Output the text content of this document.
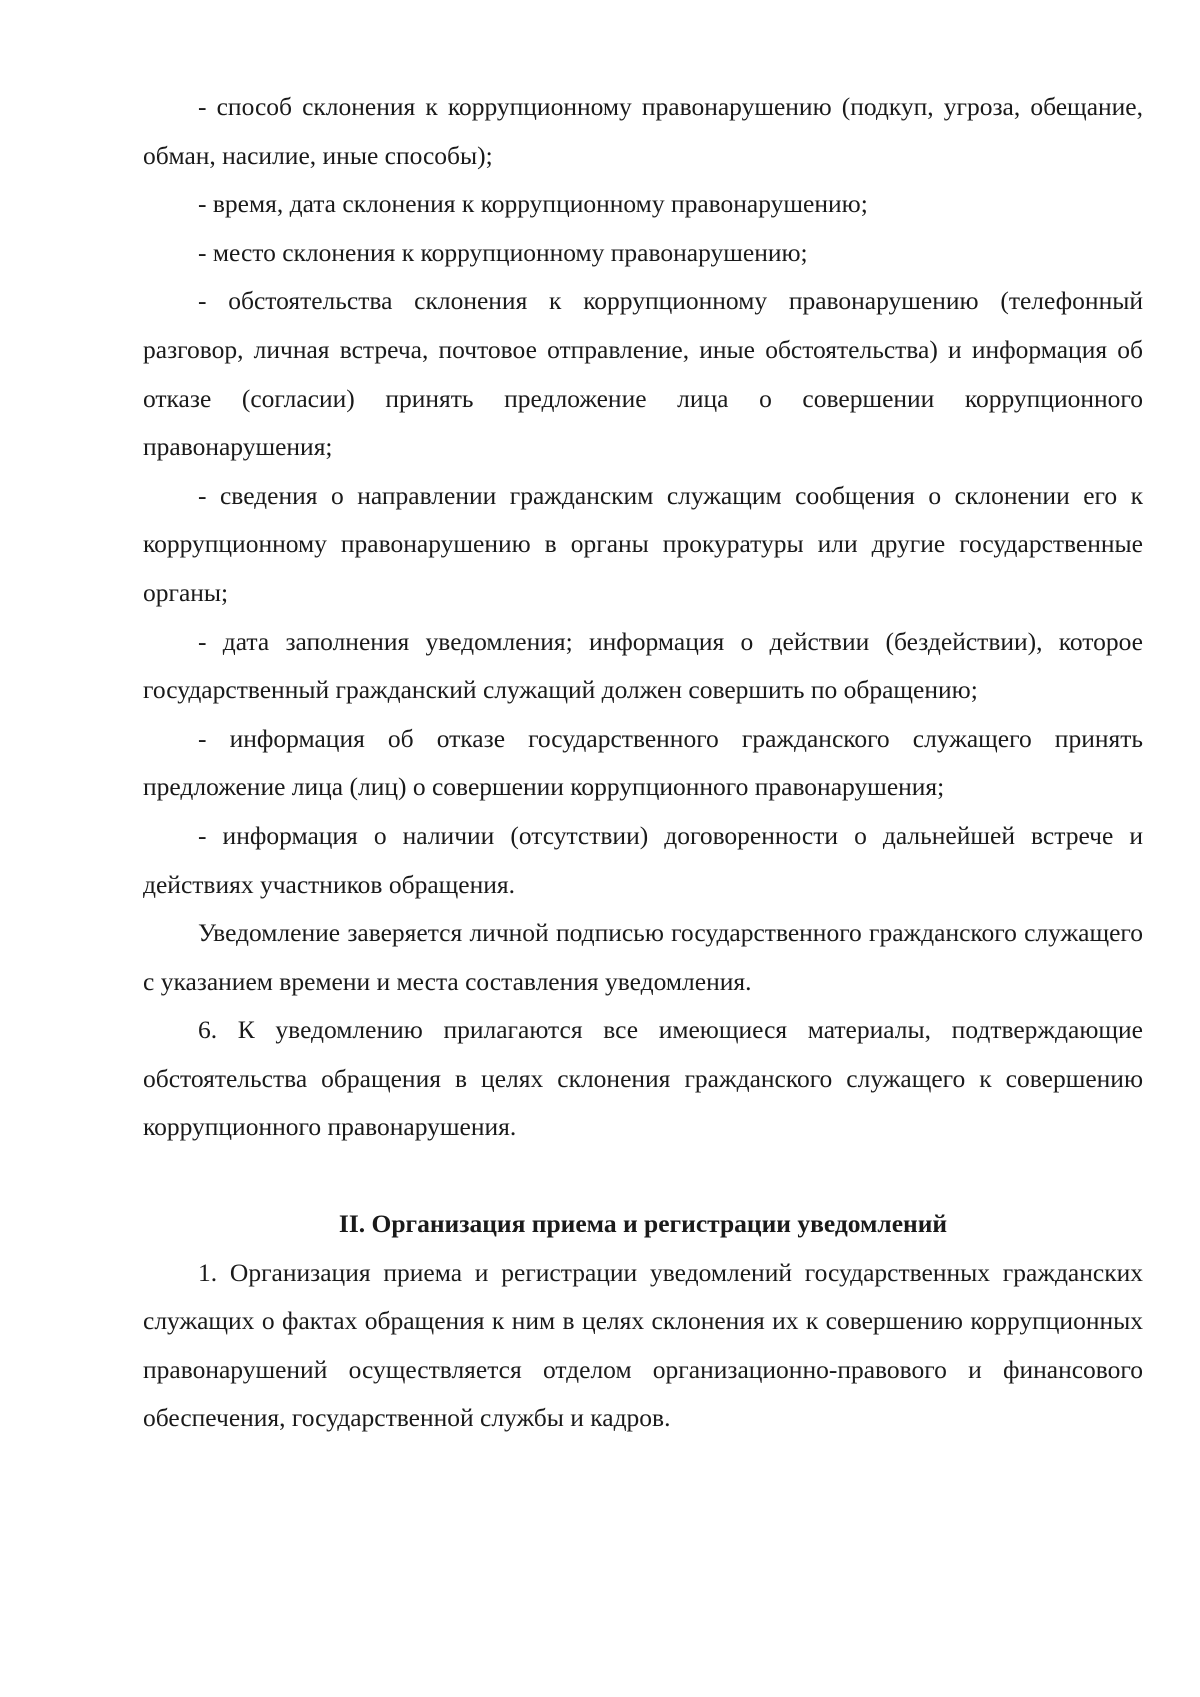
- способ склонения к коррупционному правонарушению (подкуп, угроза, обещание, обман, насилие, иные способы);

- время, дата склонения к коррупционному правонарушению;

- место склонения к коррупционному правонарушению;

- обстоятельства склонения к коррупционному правонарушению (телефонный разговор, личная встреча, почтовое отправление, иные обстоятельства) и информация об отказе (согласии) принять предложение лица о совершении коррупционного правонарушения;

- сведения о направлении гражданским служащим сообщения о склонении его к коррупционному правонарушению в органы прокуратуры или другие государственные органы;

- дата заполнения уведомления; информация о действии (бездействии), которое государственный гражданский служащий должен совершить по обращению;

- информация об отказе государственного гражданского служащего принять предложение лица (лиц) о совершении коррупционного правонарушения;

- информация о наличии (отсутствии) договоренности о дальнейшей встрече и действиях участников обращения.

Уведомление заверяется личной подписью государственного гражданского служащего с указанием времени и места составления уведомления.

6. К уведомлению прилагаются все имеющиеся материалы, подтверждающие обстоятельства обращения в целях склонения гражданского служащего к совершению коррупционного правонарушения.

II. Организация приема и регистрации уведомлений

1. Организация приема и регистрации уведомлений государственных гражданских служащих о фактах обращения к ним в целях склонения их к совершению коррупционных правонарушений осуществляется отделом организационно-правового и финансового обеспечения, государственной службы и кадров.
